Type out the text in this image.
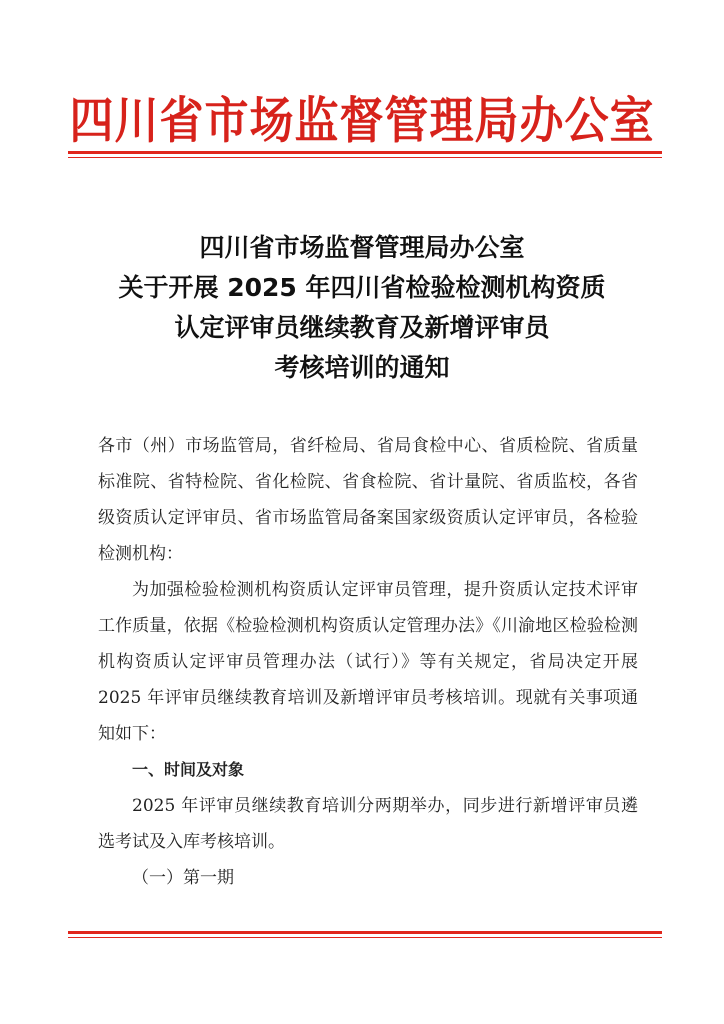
四川省市场监督管理局办公室
四川省市场监督管理局办公室
关于开展 2025 年四川省检验检测机构资质
认定评审员继续教育及新增评审员
考核培训的通知

各市（州）市场监管局，省纤检局、省局食检中心、省质检院、省质量标准院、省特检院、省化检院、省食检院、省计量院、省质监校，各省级资质认定评审员、省市场监管局备案国家级资质认定评审员，各检验检测机构：

为加强检验检测机构资质认定评审员管理，提升资质认定技术评审工作质量，依据《检验检测机构资质认定管理办法》《川渝地区检验检测机构资质认定评审员管理办法（试行）》等有关规定，省局决定开展 2025 年评审员继续教育培训及新增评审员考核培训。现就有关事项通知如下：

一、时间及对象

2025 年评审员继续教育培训分两期举办，同步进行新增评审员遴选考试及入库考核培训。

（一）第一期
